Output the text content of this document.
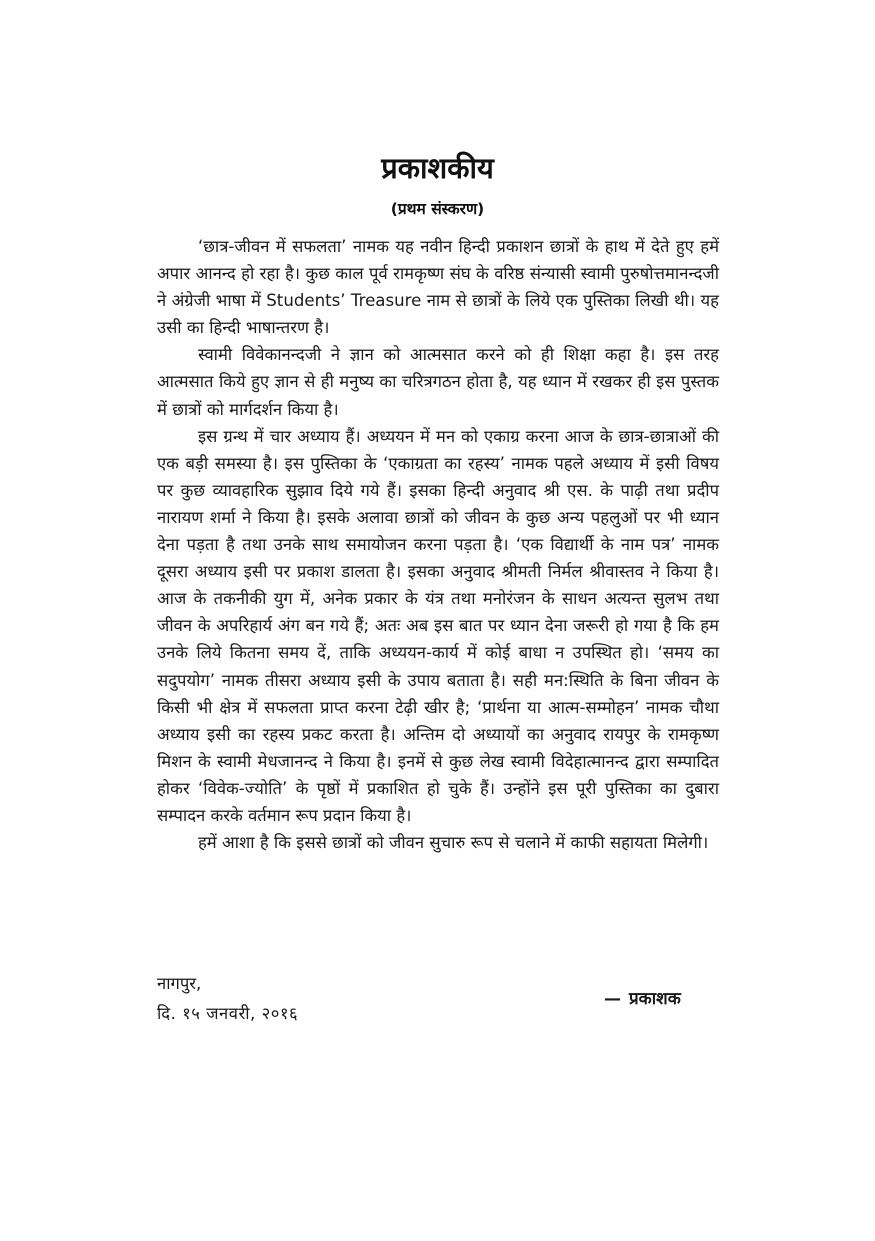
प्रकाशकीय
(प्रथम संस्करण)

‘छात्र-जीवन में सफलता’ नामक यह नवीन हिन्दी प्रकाशन छात्रों के हाथ में देते हुए हमें अपार आनन्द हो रहा है। कुछ काल पूर्व रामकृष्ण संघ के वरिष्ठ संन्यासी स्वामी पुरुषोत्तमानन्दजी ने अंग्रेजी भाषा में Students’ Treasure नाम से छात्रों के लिये एक पुस्तिका लिखी थी। यह उसी का हिन्दी भाषान्तरण है।

स्वामी विवेकानन्दजी ने ज्ञान को आत्मसात करने को ही शिक्षा कहा है। इस तरह आत्मसात किये हुए ज्ञान से ही मनुष्य का चरित्रगठन होता है, यह ध्यान में रखकर ही इस पुस्तक में छात्रों को मार्गदर्शन किया है।

इस ग्रन्थ में चार अध्याय हैं। अध्ययन में मन को एकाग्र करना आज के छात्र-छात्राओं की एक बड़ी समस्या है। इस पुस्तिका के ‘एकाग्रता का रहस्य’ नामक पहले अध्याय में इसी विषय पर कुछ व्यावहारिक सुझाव दिये गये हैं। इसका हिन्दी अनुवाद श्री एस. के पाढ़ी तथा प्रदीप नारायण शर्मा ने किया है। इसके अलावा छात्रों को जीवन के कुछ अन्य पहलुओं पर भी ध्यान देना पड़ता है तथा उनके साथ समायोजन करना पड़ता है। ‘एक विद्यार्थी के नाम पत्र’ नामक दूसरा अध्याय इसी पर प्रकाश डालता है। इसका अनुवाद श्रीमती निर्मल श्रीवास्तव ने किया है। आज के तकनीकी युग में, अनेक प्रकार के यंत्र तथा मनोरंजन के साधन अत्यन्त सुलभ तथा जीवन के अपरिहार्य अंग बन गये हैं; अतः अब इस बात पर ध्यान देना जरूरी हो गया है कि हम उनके लिये कितना समय दें, ताकि अध्ययन-कार्य में कोई बाधा न उपस्थित हो। ‘समय का सदुपयोग’ नामक तीसरा अध्याय इसी के उपाय बताता है। सही मन:स्थिति के बिना जीवन के किसी भी क्षेत्र में सफलता प्राप्त करना टेढ़ी खीर है; ‘प्रार्थना या आत्म-सम्मोहन’ नामक चौथा अध्याय इसी का रहस्य प्रकट करता है। अन्तिम दो अध्यायों का अनुवाद रायपुर के रामकृष्ण मिशन के स्वामी मेधजानन्द ने किया है। इनमें से कुछ लेख स्वामी विदेहात्मानन्द द्वारा सम्पादित होकर ‘विवेक-ज्योति’ के पृष्ठों में प्रकाशित हो चुके हैं। उन्होंने इस पूरी पुस्तिका का दुबारा सम्पादन करके वर्तमान रूप प्रदान किया है।

हमें आशा है कि इससे छात्रों को जीवन सुचारु रूप से चलाने में काफी सहायता मिलेगी।

नागपुर,
दि. १५ जनवरी, २०१६
— प्रकाशक
